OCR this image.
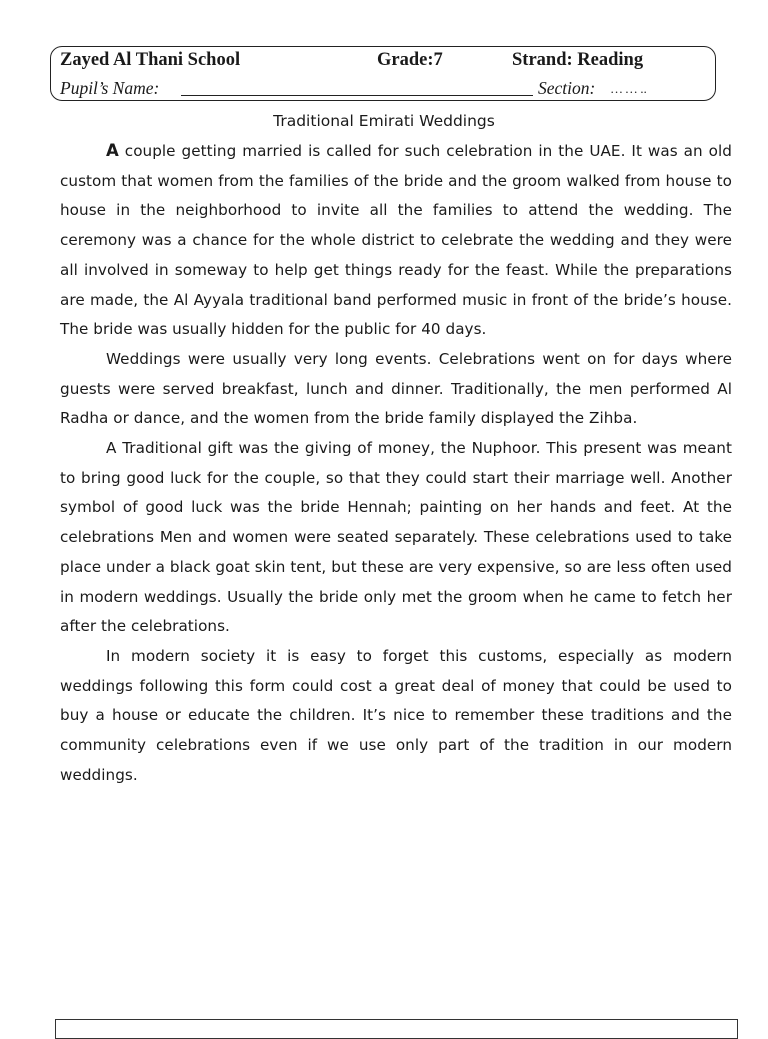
Zayed Al Thani School	Grade:7	Strand: Reading
Pupil’s Name:	Section: … … ..
Traditional Emirati Weddings

A couple getting married is called for such celebration in the UAE. It was an old custom that women from the families of the bride and the groom walked from house to house in the neighborhood to invite all the families to attend the wedding. The ceremony was a chance for the whole district to celebrate the wedding and they were all involved in someway to help get things ready for the feast. While the preparations are made, the Al Ayyala traditional band performed music in front of the bride’s house. The bride was usually hidden for the public for 40 days.

Weddings were usually very long events. Celebrations went on for days where guests were served breakfast, lunch and dinner. Traditionally, the men performed Al Radha or dance, and the women from the bride family displayed the Zihba.

A Traditional gift was the giving of money, the Nuphoor. This present was meant to bring good luck for the couple, so that they could start their marriage well. Another symbol of good luck was the bride Hennah; painting on her hands and feet. At the celebrations Men and women were seated separately. These celebrations used to take place under a black goat skin tent, but these are very expensive, so are less often used in modern weddings. Usually the bride only met the groom when he came to fetch her after the celebrations.

In modern society it is easy to forget this customs, especially as modern weddings following this form could cost a great deal of money that could be used to buy a house or educate the children. It’s nice to remember these traditions and the community celebrations even if we use only part of the tradition in our modern weddings.
